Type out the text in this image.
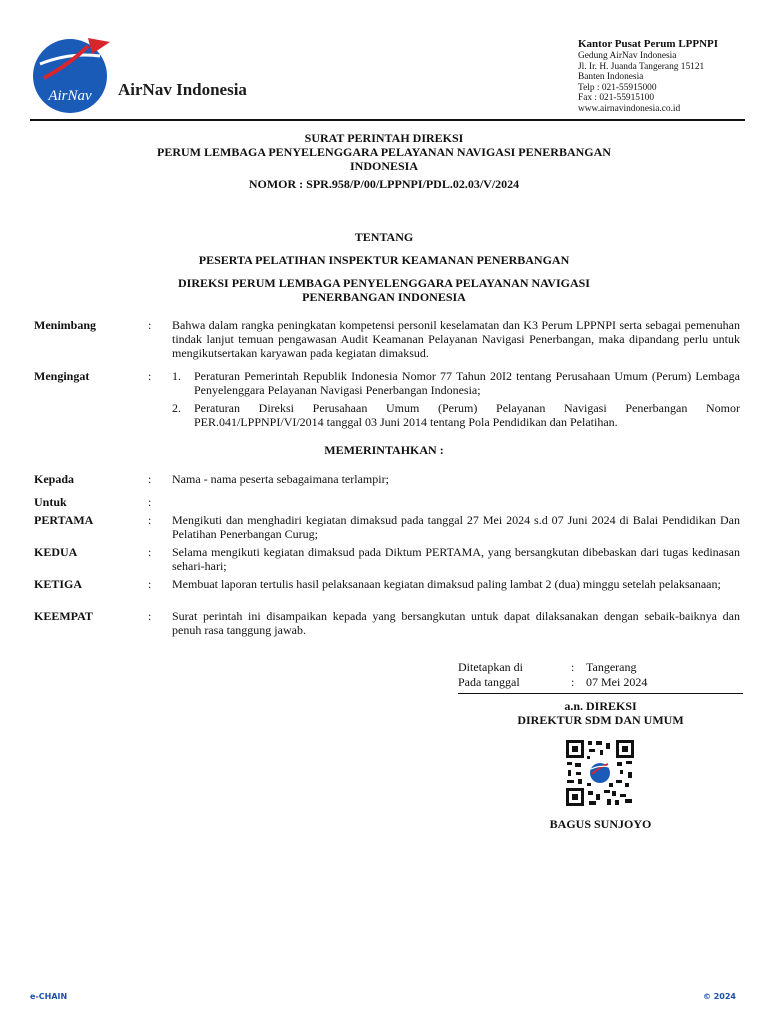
AirNav AirNav Indonesia
Kantor Pusat Perum LPPNPI
Gedung AirNav Indonesia
Jl. Ir. H. Juanda Tangerang 15121
Banten Indonesia
Telp : 021-55915000
Fax : 021-55915100
www.airnavindonesia.co.id
SURAT PERINTAH DIREKSI
PERUM LEMBAGA PENYELENGGARA PELAYANAN NAVIGASI PENERBANGAN
INDONESIA
NOMOR : SPR.958/P/00/LPPNPI/PDL.02.03/V/2024
TENTANG
PESERTA PELATIHAN INSPEKTUR KEAMANAN PENERBANGAN
DIREKSI PERUM LEMBAGA PENYELENGGARA PELAYANAN NAVIGASI
PENERBANGAN INDONESIA
Menimbang	: Bahwa dalam rangka peningkatan kompetensi personil keselamatan dan K3 Perum LPPNPI serta sebagai pemenuhan tindak lanjut temuan pengawasan Audit Keamanan Pelayanan Navigasi Penerbangan, maka dipandang perlu untuk mengikutsertakan karyawan pada kegiatan dimaksud.
Mengingat	: 1. Peraturan Pemerintah Republik Indonesia Nomor 77 Tahun 20I2 tentang Perusahaan Umum (Perum) Lembaga Penyelenggara Pelayanan Navigasi Penerbangan Indonesia;
2. Peraturan Direksi Perusahaan Umum (Perum) Pelayanan Navigasi Penerbangan Nomor PER.041/LPPNPI/VI/2014 tanggal 03 Juni 2014 tentang Pola Pendidikan dan Pelatihan.
MEMERINTAHKAN :
Kepada	: Nama - nama peserta sebagaimana terlampir;
Untuk	:
PERTAMA	: Mengikuti dan menghadiri kegiatan dimaksud pada tanggal 27 Mei 2024 s.d 07 Juni 2024 di Balai Pendidikan Dan Pelatihan Penerbangan Curug;
KEDUA	: Selama mengikuti kegiatan dimaksud pada Diktum PERTAMA, yang bersangkutan dibebaskan dari tugas kedinasan sehari-hari;
KETIGA	: Membuat laporan tertulis hasil pelaksanaan kegiatan dimaksud paling lambat 2 (dua) minggu setelah pelaksanaan;
KEEMPAT	: Surat perintah ini disampaikan kepada yang bersangkutan untuk dapat dilaksanakan dengan sebaik-baiknya dan penuh rasa tanggung jawab.
Ditetapkan di	: Tangerang
Pada tanggal	: 07 Mei 2024
a.n. DIREKSI
DIREKTUR SDM DAN UMUM
BAGUS SUNJOYO
e-CHAIN	© 2024
